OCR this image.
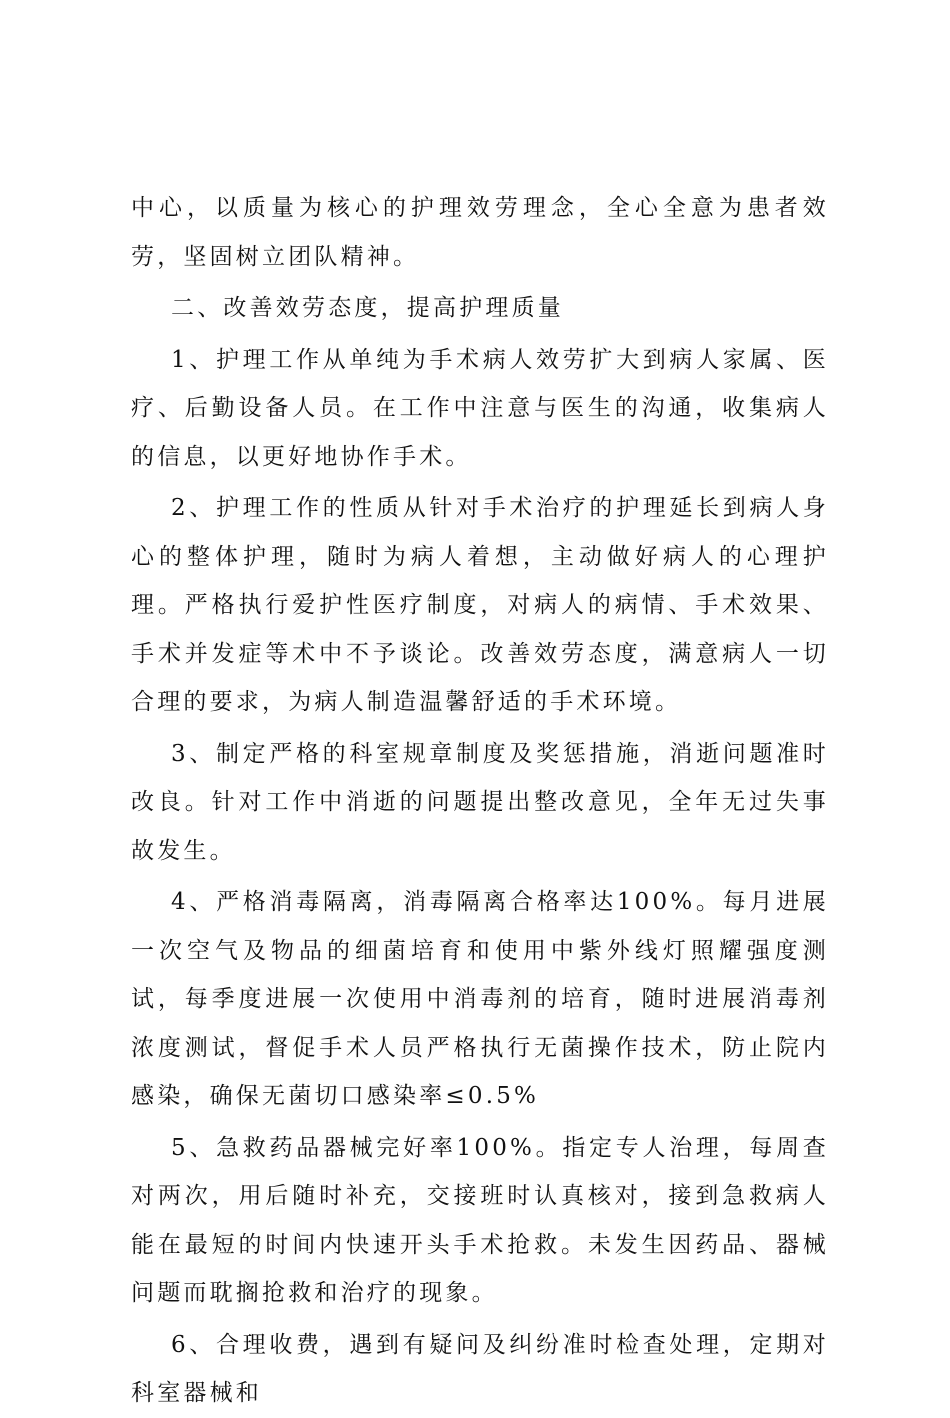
中心，以质量为核心的护理效劳理念，全心全意为患者效劳，坚固树立团队精神。

二、改善效劳态度，提高护理质量

1、护理工作从单纯为手术病人效劳扩大到病人家属、医疗、后勤设备人员。在工作中注意与医生的沟通，收集病人的信息，以更好地协作手术。

2、护理工作的性质从针对手术治疗的护理延长到病人身心的整体护理，随时为病人着想，主动做好病人的心理护理。严格执行爱护性医疗制度，对病人的病情、手术效果、手术并发症等术中不予谈论。改善效劳态度，满意病人一切合理的要求，为病人制造温馨舒适的手术环境。

3、制定严格的科室规章制度及奖惩措施，消逝问题准时改良。针对工作中消逝的问题提出整改意见，全年无过失事故发生。

4、严格消毒隔离，消毒隔离合格率达100%。每月进展一次空气及物品的细菌培育和使用中紫外线灯照耀强度测试，每季度进展一次使用中消毒剂的培育，随时进展消毒剂浓度测试，督促手术人员严格执行无菌操作技术，防止院内感染，确保无菌切口感染率≤0.5%

5、急救药品器械完好率100%。指定专人治理，每周查对两次，用后随时补充，交接班时认真核对，接到急救病人能在最短的时间内快速开头手术抢救。未发生因药品、器械问题而耽搁抢救和治疗的现象。

6、合理收费，遇到有疑问及纠纷准时检查处理，定期对科室器械和
